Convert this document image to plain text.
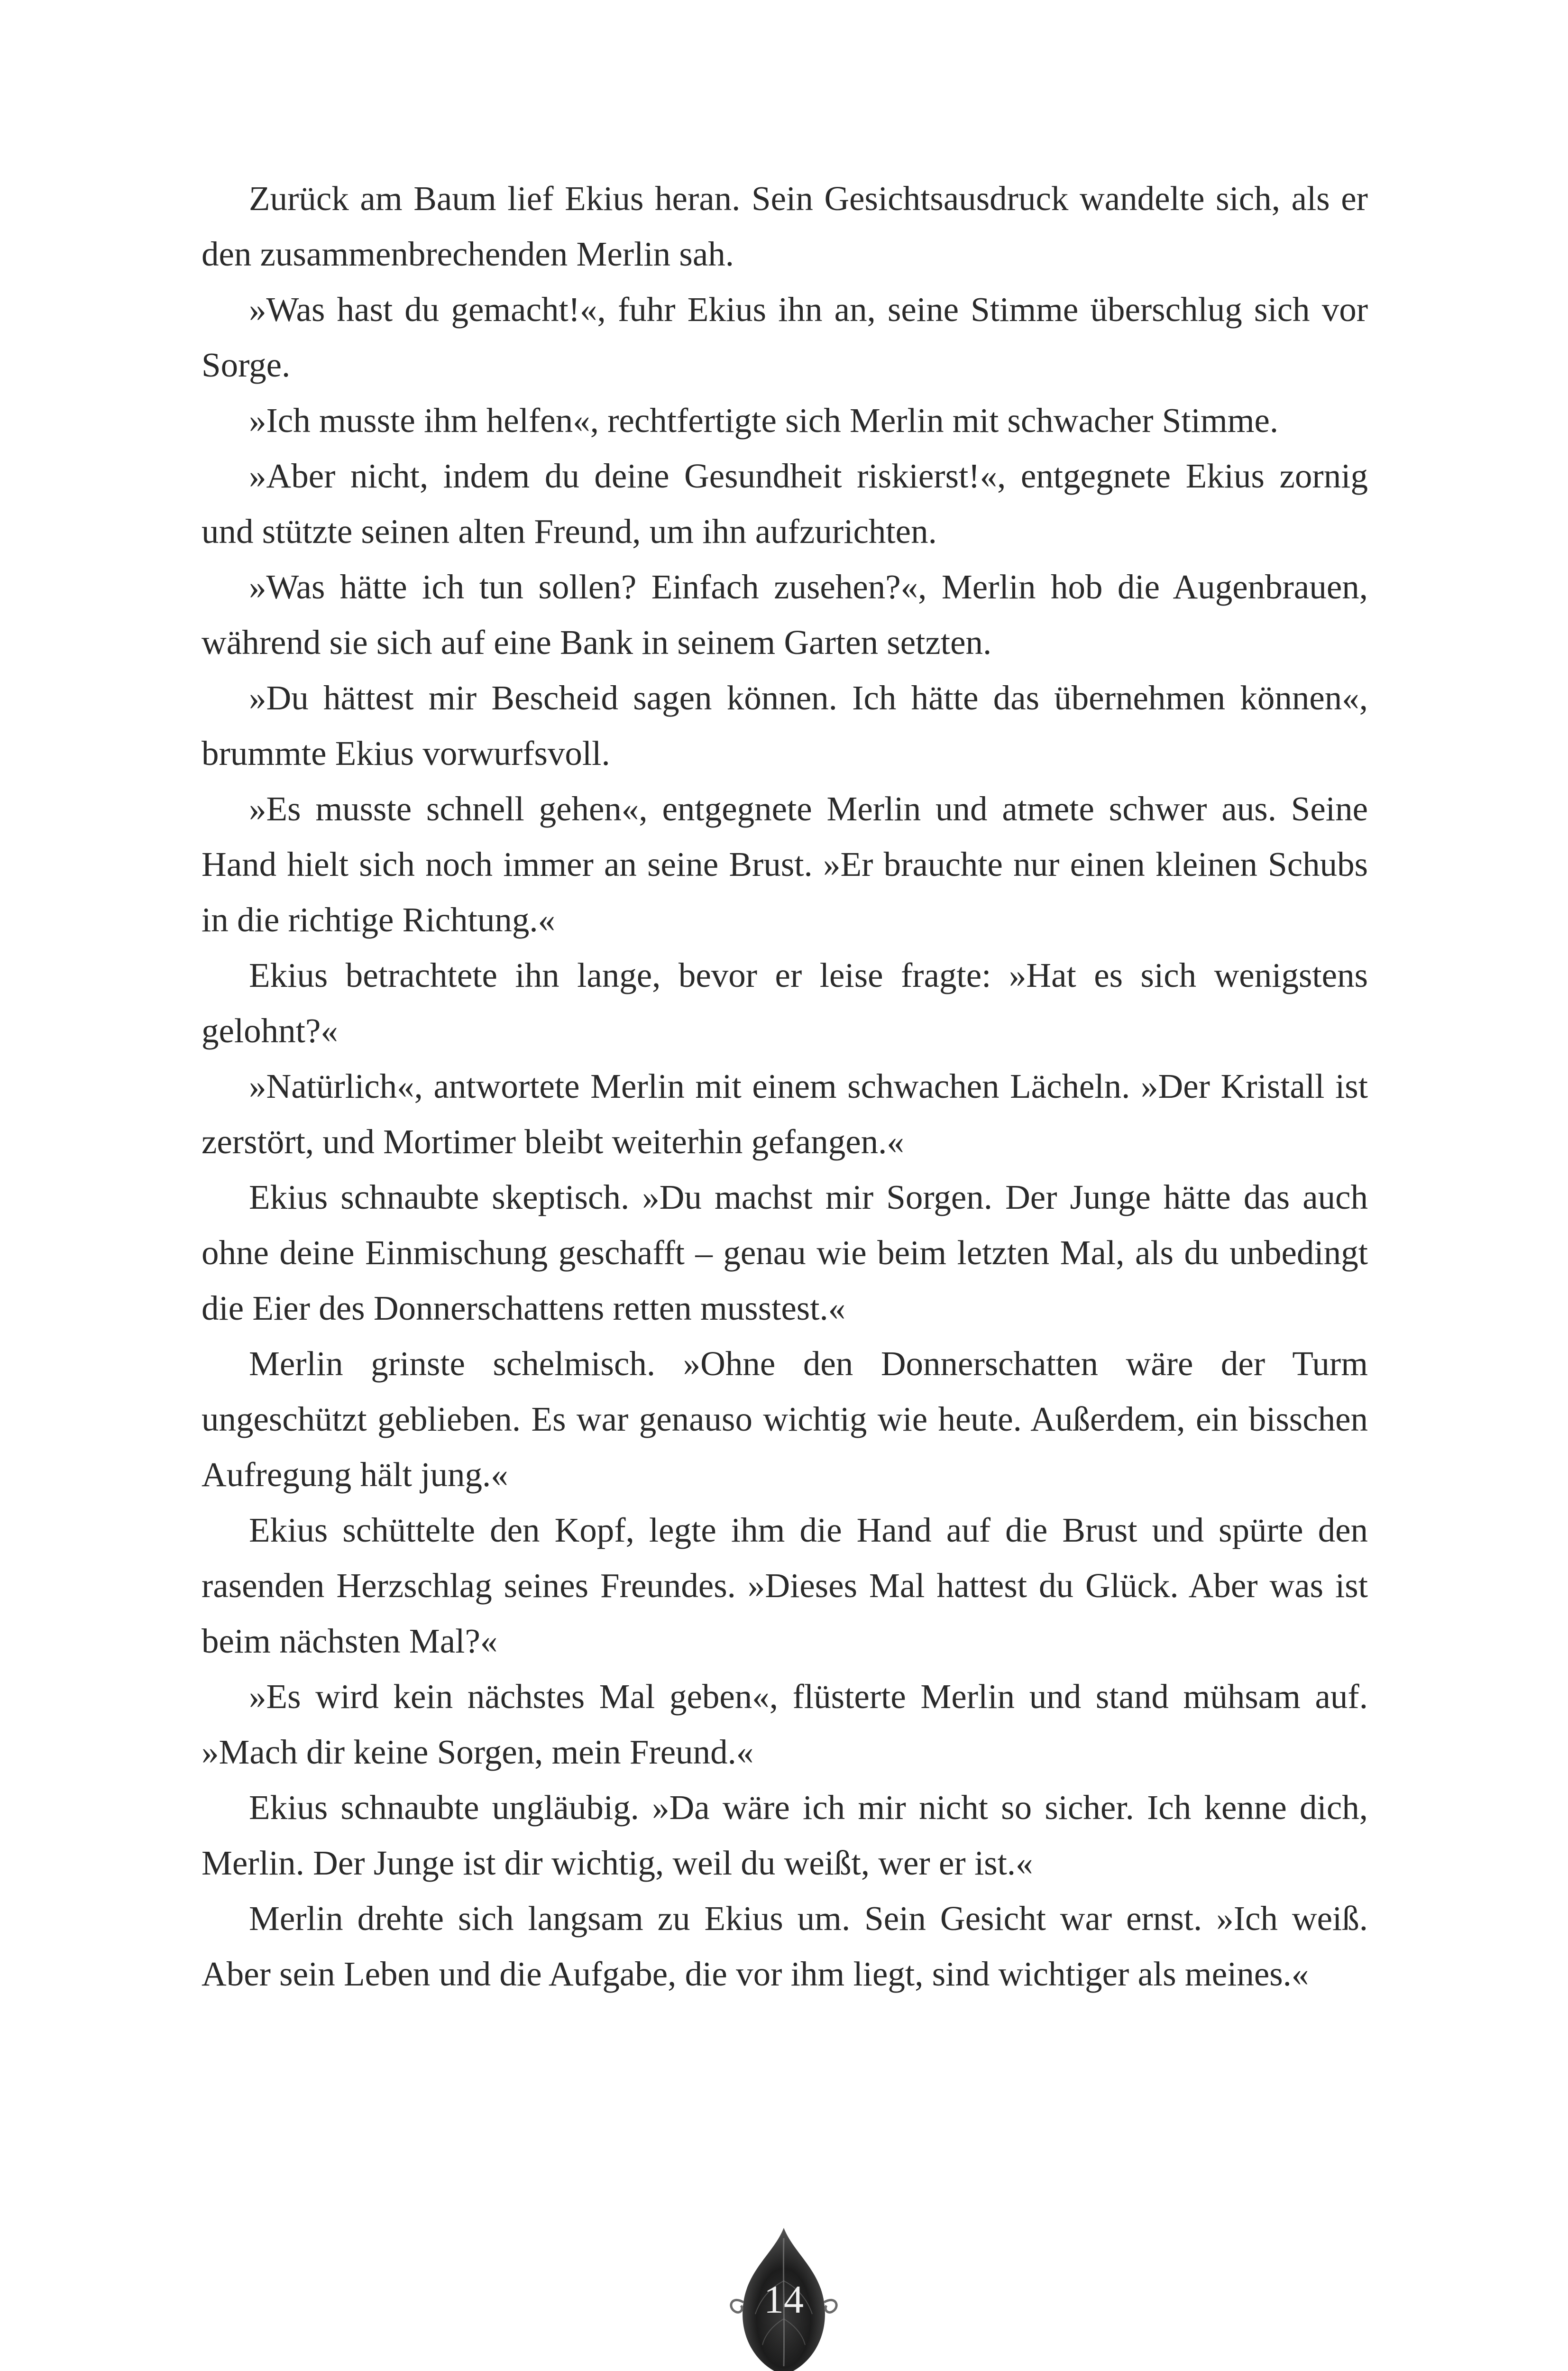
Zurück am Baum lief Ekius heran. Sein Gesichtsausdruck wandelte sich, als er den zusammenbrechenden Merlin sah.

»Was hast du gemacht!«, fuhr Ekius ihn an, seine Stimme überschlug sich vor Sorge.

»Ich musste ihm helfen«, rechtfertigte sich Merlin mit schwacher Stimme.

»Aber nicht, indem du deine Gesundheit riskierst!«, entgegnete Ekius zornig und stützte seinen alten Freund, um ihn aufzurichten.

»Was hätte ich tun sollen? Einfach zusehen?«, Merlin hob die Augenbrauen, während sie sich auf eine Bank in seinem Garten setzten.

»Du hättest mir Bescheid sagen können. Ich hätte das übernehmen können«, brummte Ekius vorwurfsvoll.

»Es musste schnell gehen«, entgegnete Merlin und atmete schwer aus. Seine Hand hielt sich noch immer an seine Brust. »Er brauchte nur einen kleinen Schubs in die richtige Richtung.«

Ekius betrachtete ihn lange, bevor er leise fragte: »Hat es sich wenigstens gelohnt?«

»Natürlich«, antwortete Merlin mit einem schwachen Lächeln. »Der Kristall ist zerstört, und Mortimer bleibt weiterhin gefangen.«

Ekius schnaubte skeptisch. »Du machst mir Sorgen. Der Junge hätte das auch ohne deine Einmischung geschafft – genau wie beim letzten Mal, als du unbedingt die Eier des Donnerschattens retten musstest.«

Merlin grinste schelmisch. »Ohne den Donnerschatten wäre der Turm ungeschützt geblieben. Es war genauso wichtig wie heute. Außerdem, ein bisschen Aufregung hält jung.«

Ekius schüttelte den Kopf, legte ihm die Hand auf die Brust und spürte den rasenden Herzschlag seines Freundes. »Dieses Mal hattest du Glück. Aber was ist beim nächsten Mal?«

»Es wird kein nächstes Mal geben«, flüsterte Merlin und stand mühsam auf. »Mach dir keine Sorgen, mein Freund.«

Ekius schnaubte ungläubig. »Da wäre ich mir nicht so sicher. Ich kenne dich, Merlin. Der Junge ist dir wichtig, weil du weißt, wer er ist.«

Merlin drehte sich langsam zu Ekius um. Sein Gesicht war ernst. »Ich weiß. Aber sein Leben und die Aufgabe, die vor ihm liegt, sind wichtiger als meines.«

14
